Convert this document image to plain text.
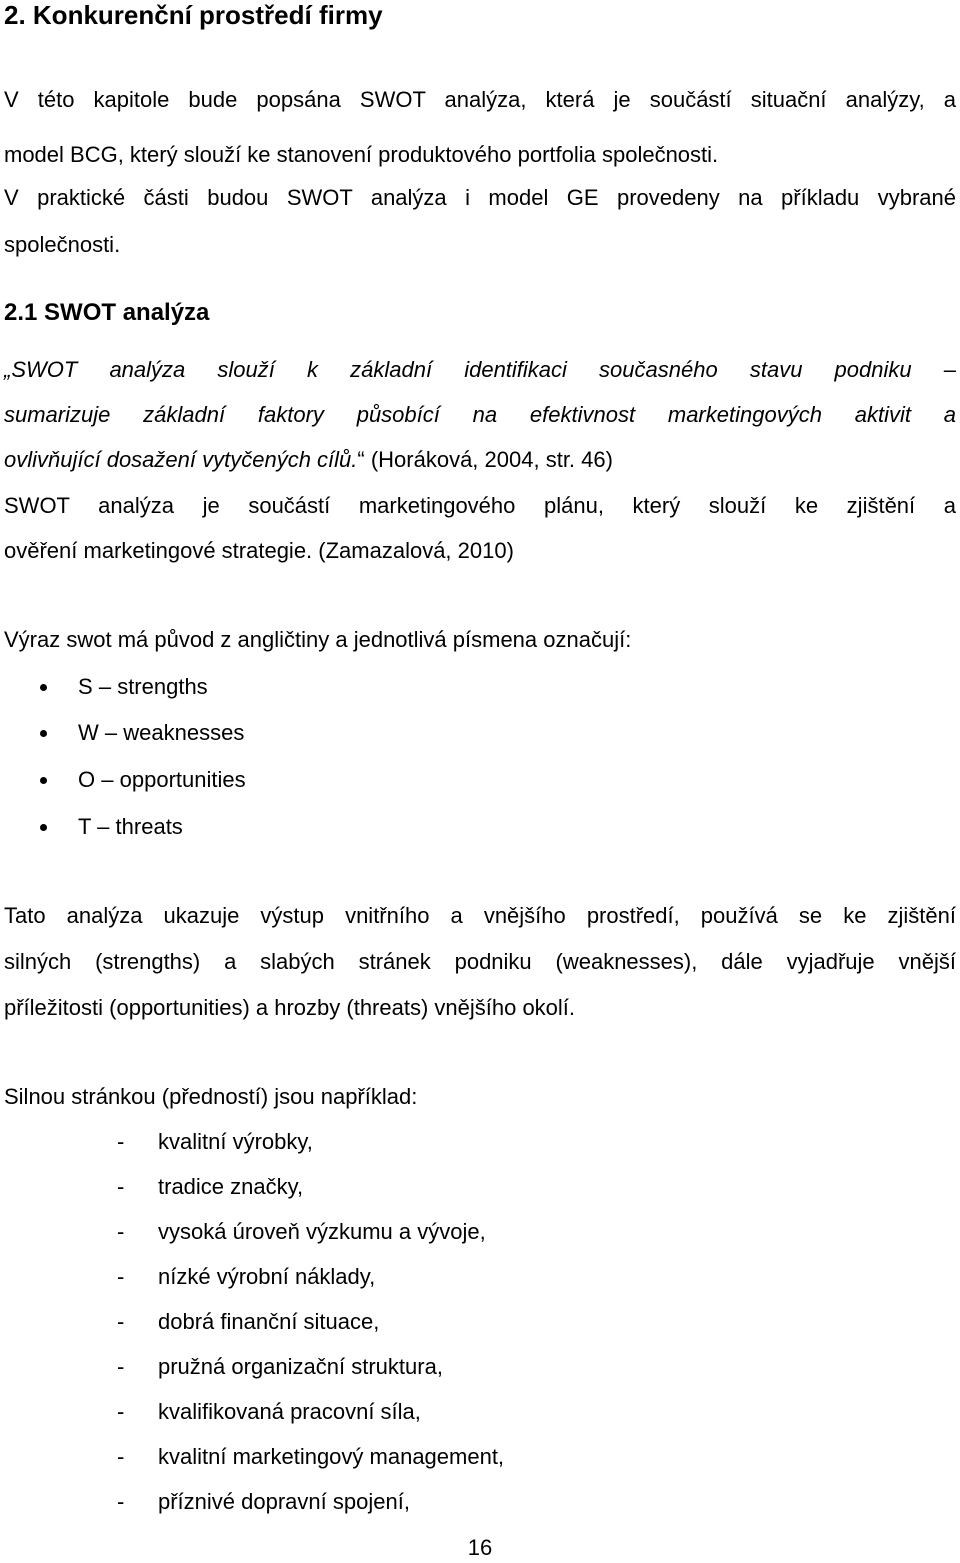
2. Konkurenční prostředí firmy
V této kapitole bude popsána SWOT analýza, která je součástí situační analýzy, a
model BCG, který slouží ke stanovení produktového portfolia společnosti.
V praktické části budou SWOT analýza i model GE provedeny na příkladu vybrané
společnosti.
2.1 SWOT analýza
„SWOT analýza slouží k základní identifikaci současného stavu podniku –
sumarizuje základní faktory působící na efektivnost marketingových aktivit a
ovlivňující dosažení vytyčených cílů.“ (Horáková, 2004, str. 46)
SWOT analýza je součástí marketingového plánu, který slouží ke zjištění a
ověření marketingové strategie. (Zamazalová, 2010)
Výraz swot má původ z angličtiny a jednotlivá písmena označují:
S – strengths
W – weaknesses
O – opportunities
T – threats
Tato analýza ukazuje výstup vnitřního a vnějšího prostředí, používá se ke zjištění
silných (strengths) a slabých stránek podniku (weaknesses), dále vyjadřuje vnější
příležitosti (opportunities) a hrozby (threats) vnějšího okolí.
Silnou stránkou (předností) jsou například:
- kvalitní výrobky,
- tradice značky,
- vysoká úroveň výzkumu a vývoje,
- nízké výrobní náklady,
- dobrá finanční situace,
- pružná organizační struktura,
- kvalifikovaná pracovní síla,
- kvalitní marketingový management,
- příznivé dopravní spojení,
16
